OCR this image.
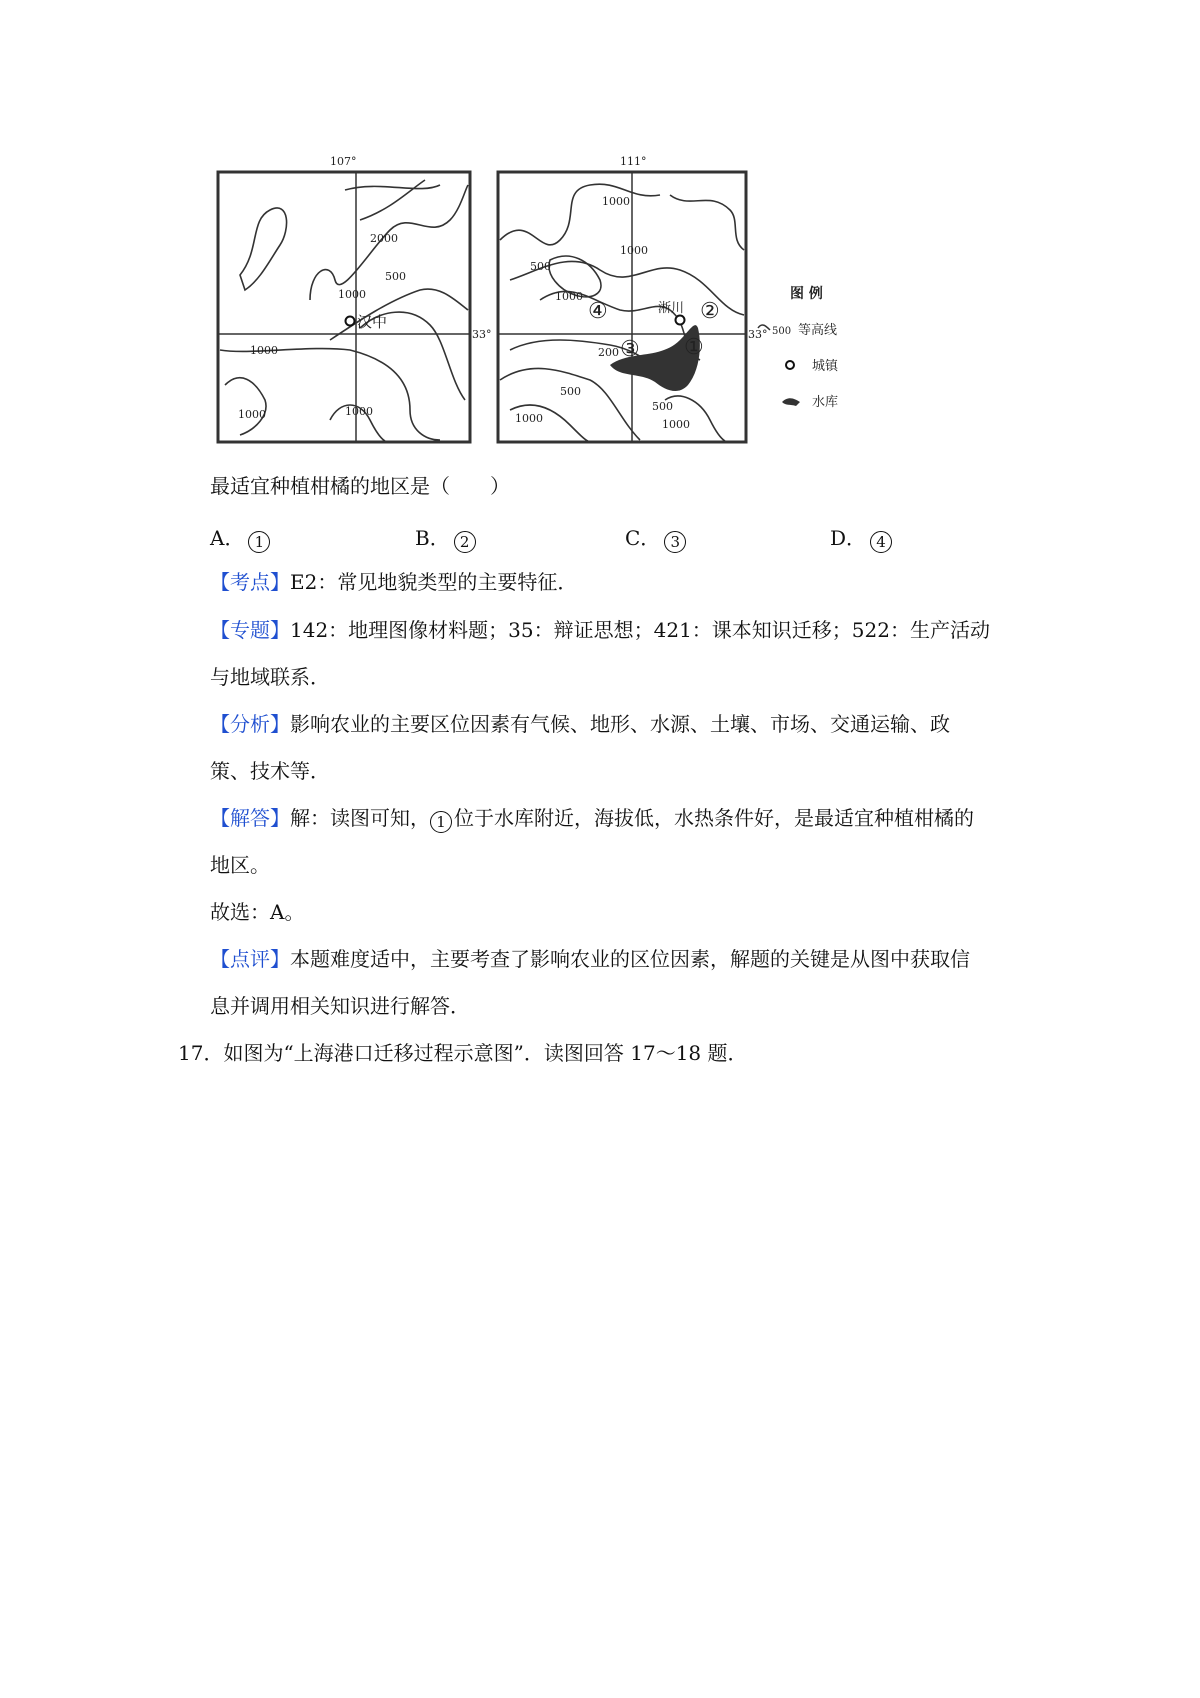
107°	111°
33°	33°
2000
1000
500
1000
1000	1000
汉中
1000
1000
500
1000
200
500
500
1000	1000
淅川
④	②
③ ①
图 例
500 等高线
城镇
水库
最适宜种植柑橘的地区是（　　）
A． 1	B． 2	C． 3	D． 4
【考点】E2：常见地貌类型的主要特征．
【专题】142：地理图像材料题；35：辩证思想；421：课本知识迁移；522：生产活动
与地域联系．
【分析】影响农业的主要区位因素有气候、地形、水源、土壤、市场、交通运输、政
策、技术等．
【解答】解：读图可知， 1 位于水库附近，海拔低，水热条件好，是最适宜种植柑橘的
地区。
故选：A。
【点评】本题难度适中，主要考查了影响农业的区位因素，解题的关键是从图中获取信
息并调用相关知识进行解答．
17．如图为“上海港口迁移过程示意图”．读图回答 17～18 题．
